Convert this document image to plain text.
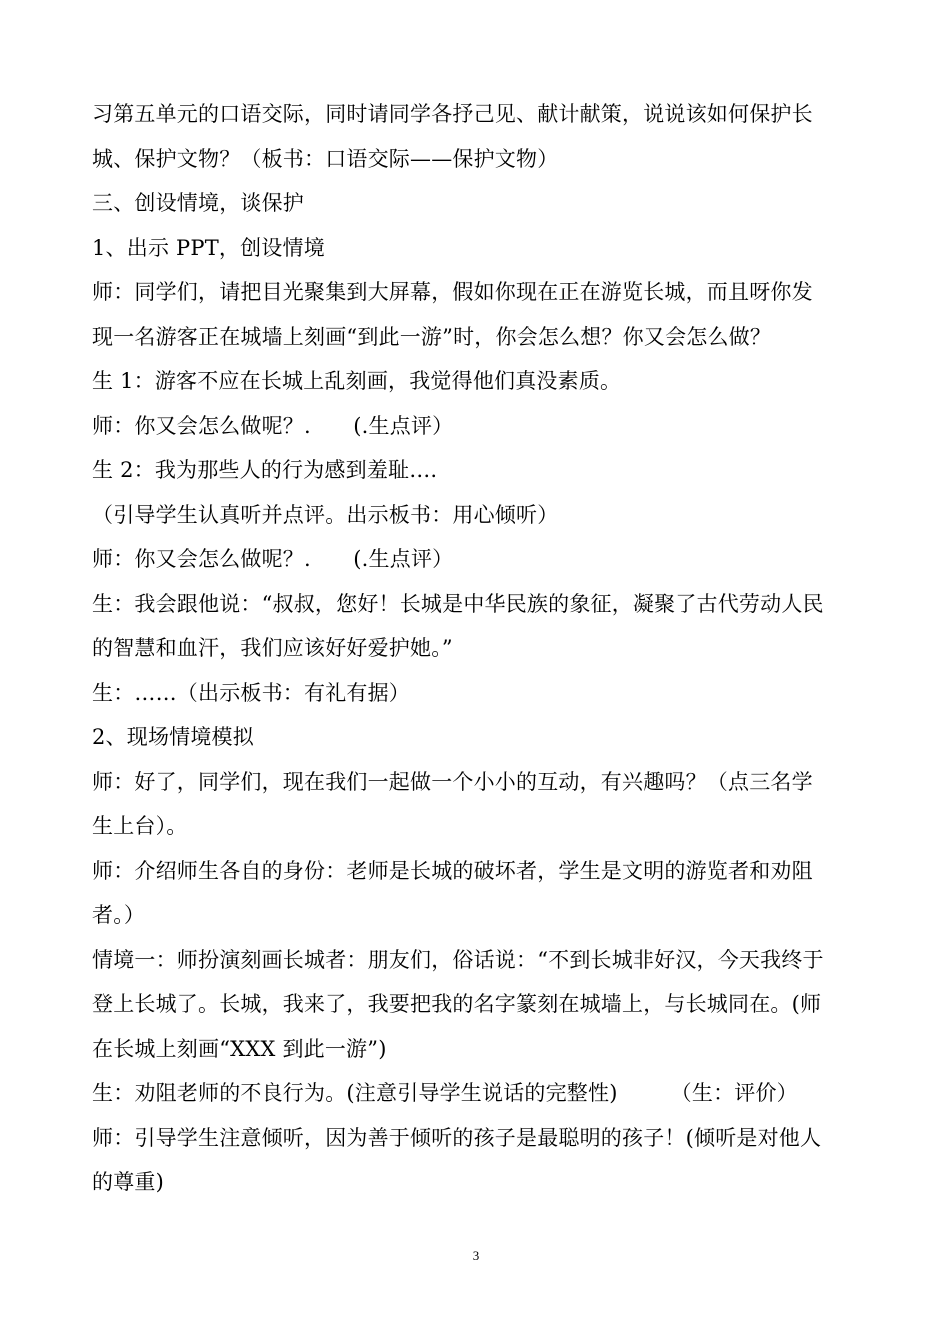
习第五单元的口语交际，同时请同学各抒己见、献计献策，说说该如何保护长
城、保护文物？（板书：口语交际——保护文物）
三、创设情境，谈保护
1、出示 PPT，创设情境
师：同学们，请把目光聚集到大屏幕，假如你现在正在游览长城，而且呀你发
现一名游客正在城墙上刻画“到此一游”时，你会怎么想？你又会怎么做？
生 1：游客不应在长城上乱刻画，我觉得他们真没素质。
师：你又会怎么做呢？.　　(.生点评）
生 2：我为那些人的行为感到羞耻….
（引导学生认真听并点评。出示板书：用心倾听）
师：你又会怎么做呢？.　　(.生点评）
生：我会跟他说：“叔叔，您好！长城是中华民族的象征，凝聚了古代劳动人民
的智慧和血汗，我们应该好好爱护她。”
生：……（出示板书：有礼有据）
2、现场情境模拟
师：好了，同学们，现在我们一起做一个小小的互动，有兴趣吗？（点三名学
生上台）。
师：介绍师生各自的身份：老师是长城的破坏者，学生是文明的游览者和劝阻
者。）
情境一：师扮演刻画长城者：朋友们，俗话说：“不到长城非好汉，今天我终于
登上长城了。长城，我来了，我要把我的名字篆刻在城墙上，与长城同在。(师
在长城上刻画“XXX 到此一游”)
生：劝阻老师的不良行为。(注意引导学生说话的完整性)　　　（生：评价）
师：引导学生注意倾听，因为善于倾听的孩子是最聪明的孩子！(倾听是对他人
的尊重)
3
